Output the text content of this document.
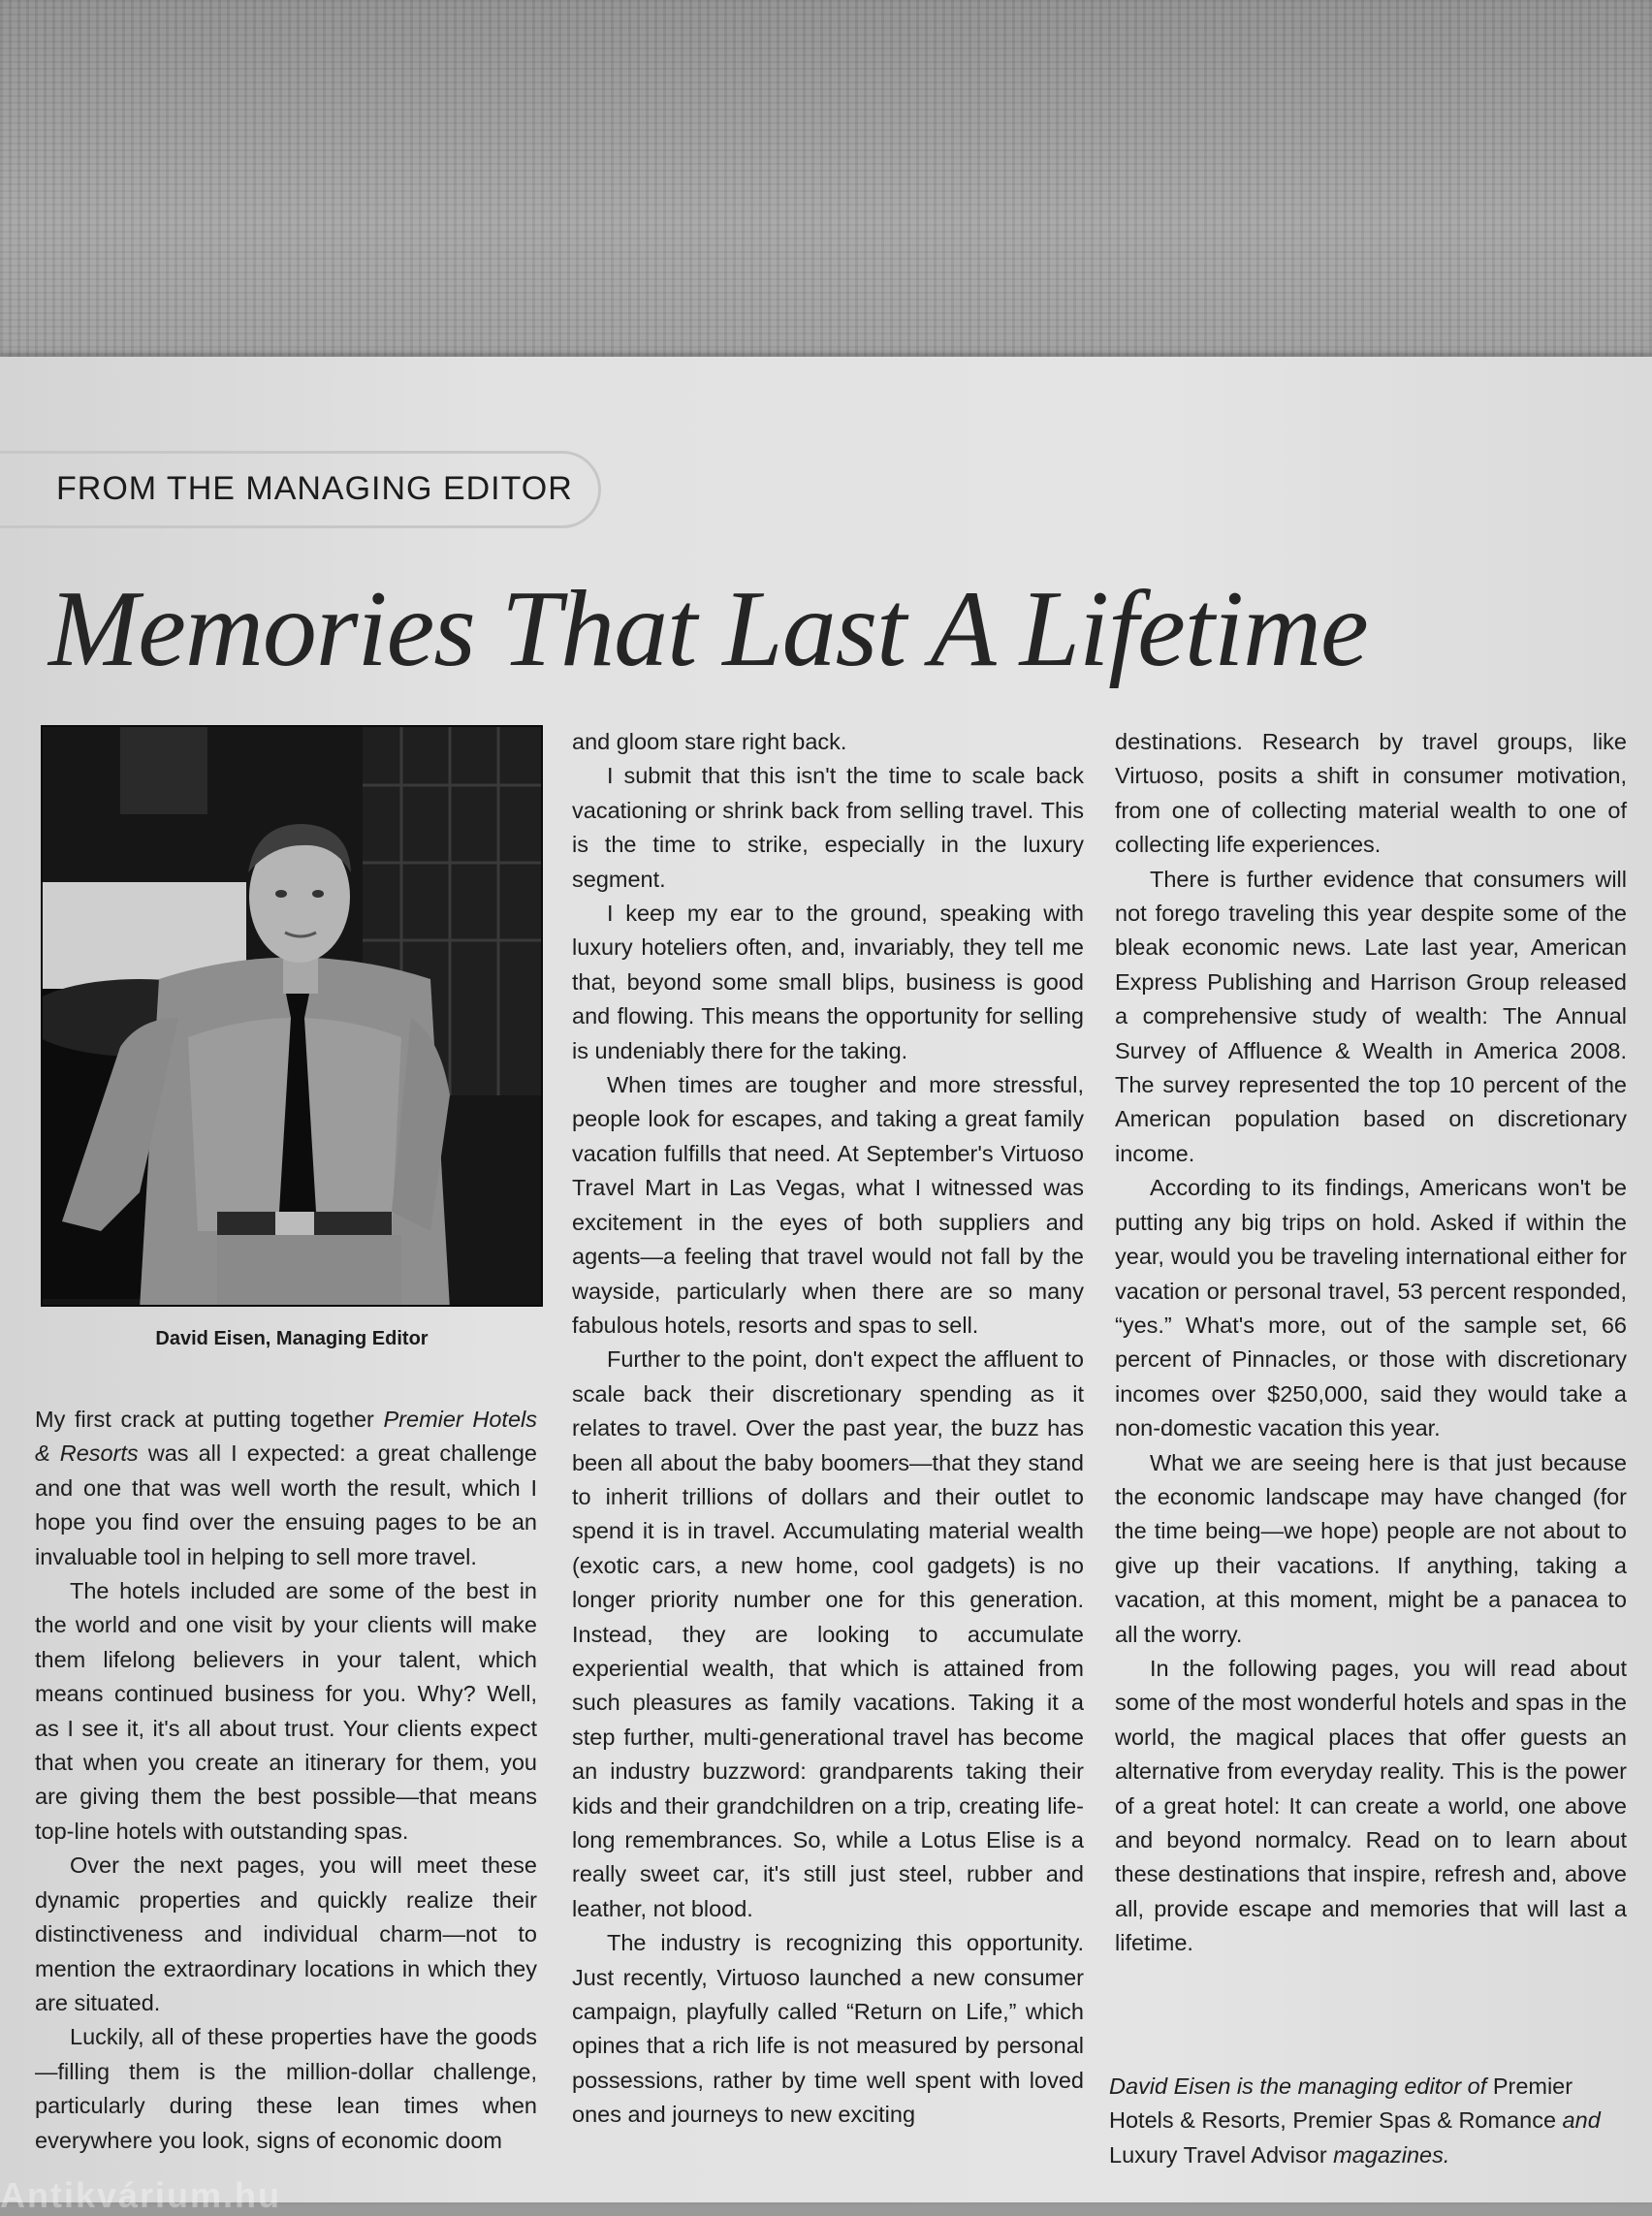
FROM THE MANAGING EDITOR
Memories That Last A Lifetime
David Eisen, Managing Editor

My first crack at putting together Premier Hotels & Resorts was all I expected: a great challenge and one that was well worth the result, which I hope you find over the ensuing pages to be an invaluable tool in helping to sell more travel.

The hotels included are some of the best in the world and one visit by your clients will make them lifelong believers in your talent, which means continued business for you. Why? Well, as I see it, it's all about trust. Your clients expect that when you create an itinerary for them, you are giving them the best possible—that means top-line hotels with outstanding spas.

Over the next pages, you will meet these dynamic properties and quickly realize their distinctiveness and individual charm—not to mention the extraordinary locations in which they are situated.

Luckily, all of these properties have the goods—filling them is the million-dollar challenge, particularly during these lean times when everywhere you look, signs of economic doom

and gloom stare right back.

I submit that this isn't the time to scale back vacationing or shrink back from selling travel. This is the time to strike, especially in the luxury segment.

I keep my ear to the ground, speaking with luxury hoteliers often, and, invariably, they tell me that, beyond some small blips, business is good and flowing. This means the opportunity for selling is undeniably there for the taking.

When times are tougher and more stressful, people look for escapes, and taking a great family vacation fulfills that need. At September's Virtuoso Travel Mart in Las Vegas, what I witnessed was excitement in the eyes of both suppliers and agents—a feeling that travel would not fall by the wayside, particularly when there are so many fabulous hotels, resorts and spas to sell.

Further to the point, don't expect the affluent to scale back their discretionary spending as it relates to travel. Over the past year, the buzz has been all about the baby boomers—that they stand to inherit trillions of dollars and their outlet to spend it is in travel. Accumulating material wealth (exotic cars, a new home, cool gadgets) is no longer priority number one for this generation. Instead, they are looking to accumulate experiential wealth, that which is attained from such pleasures as family vacations. Taking it a step further, multi-generational travel has become an industry buzzword: grandparents taking their kids and their grandchildren on a trip, creating life-long remembrances. So, while a Lotus Elise is a really sweet car, it's still just steel, rubber and leather, not blood.

The industry is recognizing this opportunity. Just recently, Virtuoso launched a new consumer campaign, playfully called “Return on Life,” which opines that a rich life is not measured by personal possessions, rather by time well spent with loved ones and journeys to new exciting

destinations. Research by travel groups, like Virtuoso, posits a shift in consumer motivation, from one of collecting material wealth to one of collecting life experiences.

There is further evidence that consumers will not forego traveling this year despite some of the bleak economic news. Late last year, American Express Publishing and Harrison Group released a comprehensive study of wealth: The Annual Survey of Affluence & Wealth in America 2008. The survey represented the top 10 percent of the American population based on discretionary income.

According to its findings, Americans won't be putting any big trips on hold. Asked if within the year, would you be traveling international either for vacation or personal travel, 53 percent responded, “yes.” What's more, out of the sample set, 66 percent of Pinnacles, or those with discretionary incomes over $250,000, said they would take a non-domestic vacation this year.

What we are seeing here is that just because the economic landscape may have changed (for the time being—we hope) people are not about to give up their vacations. If anything, taking a vacation, at this moment, might be a panacea to all the worry.

In the following pages, you will read about some of the most wonderful hotels and spas in the world, the magical places that offer guests an alternative from everyday reality. This is the power of a great hotel: It can create a world, one above and beyond normalcy. Read on to learn about these destinations that inspire, refresh and, above all, provide escape and memories that will last a lifetime.

David Eisen is the managing editor of Premier Hotels & Resorts, Premier Spas & Romance and Luxury Travel Advisor magazines.
Antikvárium.hu
